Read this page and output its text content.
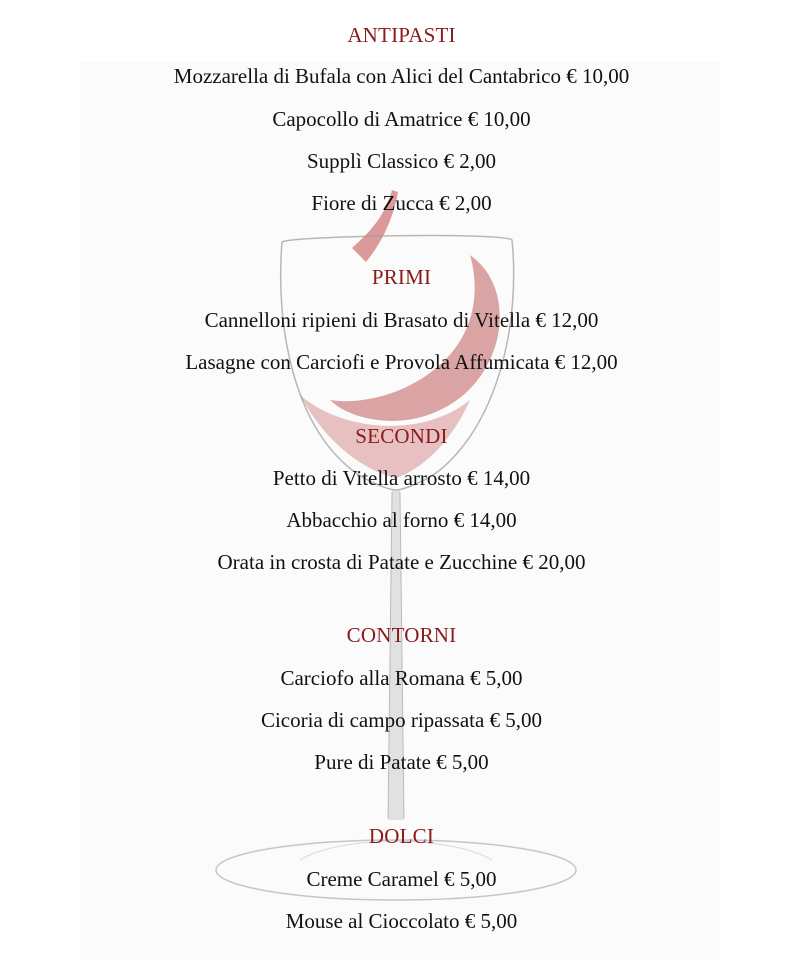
ANTIPASTI
Mozzarella di Bufala con Alici del Cantabrico € 10,00
Capocollo di Amatrice € 10,00
Supplì Classico € 2,00
Fiore di Zucca € 2,00
PRIMI
Cannelloni ripieni di Brasato di Vitella € 12,00
Lasagne con Carciofi e Provola Affumicata € 12,00
SECONDI
Petto di Vitella arrosto € 14,00
Abbacchio al forno € 14,00
Orata in crosta di Patate e Zucchine € 20,00
CONTORNI
Carciofo alla Romana € 5,00
Cicoria di campo ripassata € 5,00
Pure di Patate € 5,00
DOLCI
Creme Caramel € 5,00
Mouse al Cioccolato € 5,00
